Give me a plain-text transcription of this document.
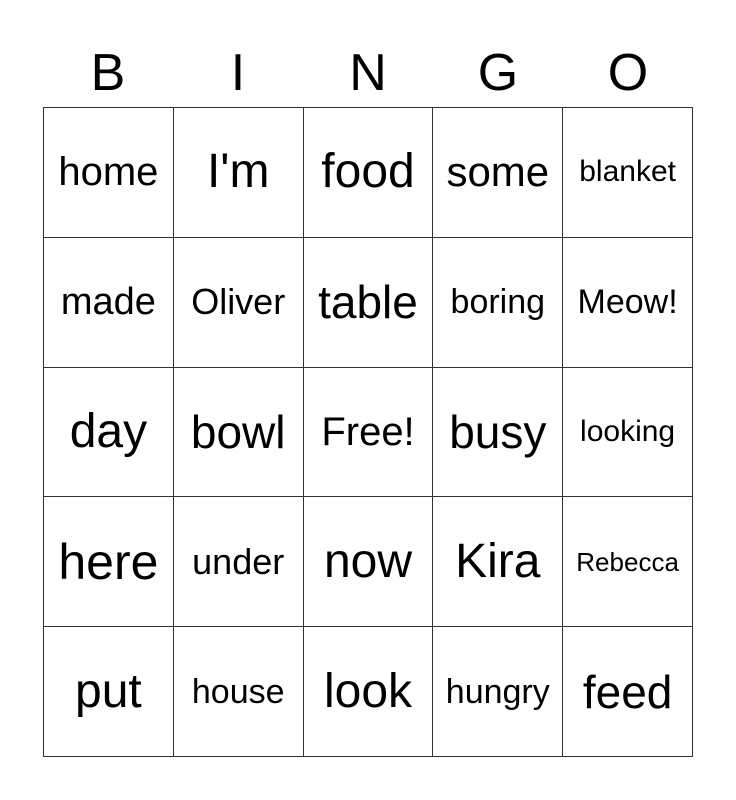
B	I	N	G	O
home I'm food some blanket
made Oliver table boring Meow!
day bowl Free! busy looking
here under now Kira Rebecca
put house look hungry feed
